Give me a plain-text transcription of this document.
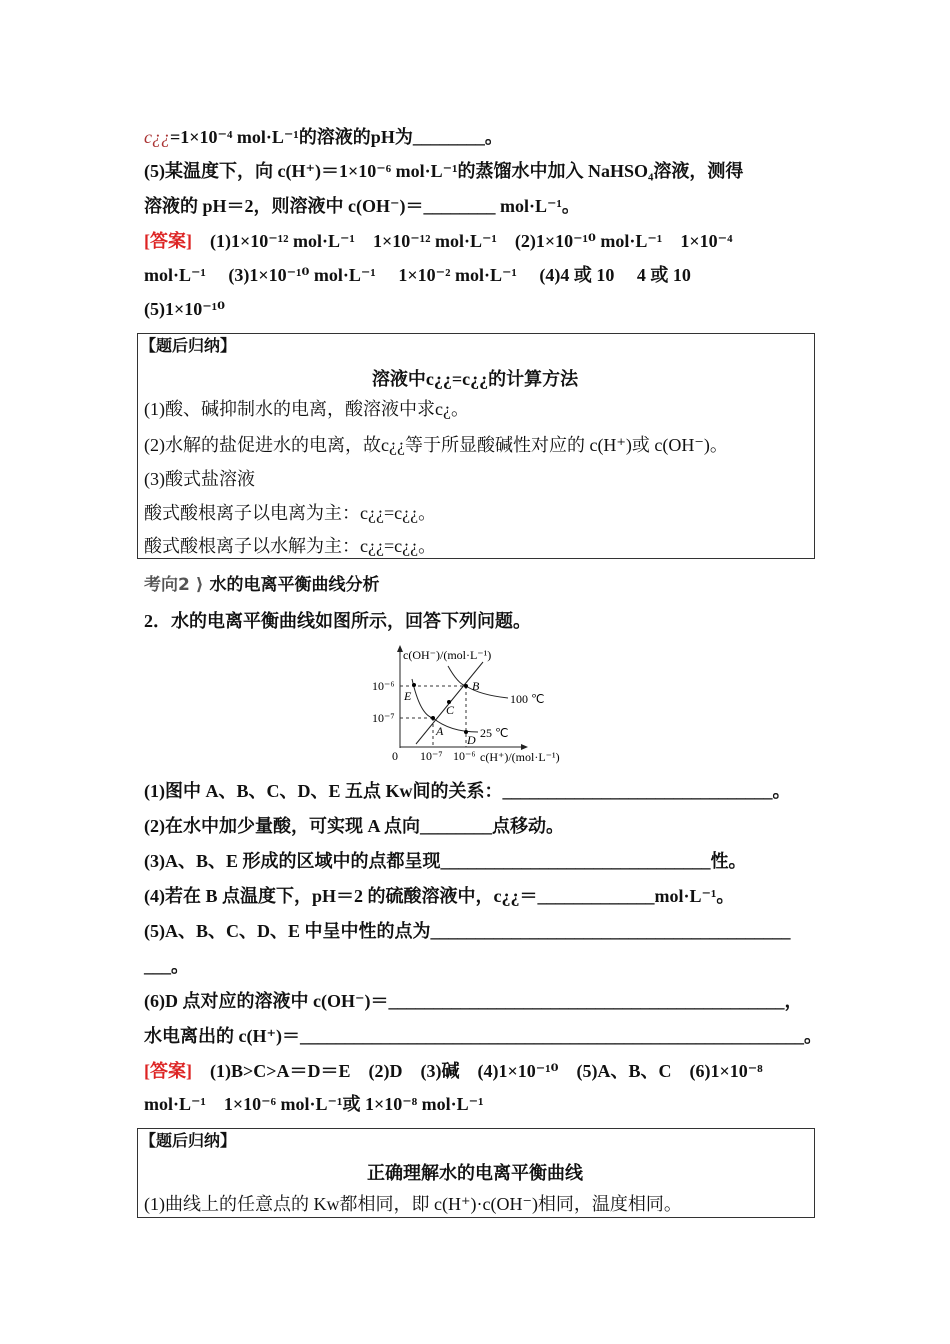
c¿¿=1×10⁻⁴ mol·L⁻¹的溶液的pH为________。
(5)某温度下，向 c(H⁺)＝1×10⁻⁶ mol·L⁻¹的蒸馏水中加入 NaHSO₄溶液，测得
溶液的 pH＝2，则溶液中 c(OH⁻)＝________ mol·L⁻¹。
[答案]　 (1)1×10⁻¹² mol·L⁻¹　1×10⁻¹² mol·L⁻¹　(2)1×10⁻¹⁰ mol·L⁻¹　1×10⁻⁴
mol·L⁻¹　 (3)1×10⁻¹⁰ mol·L⁻¹　 1×10⁻² mol·L⁻¹　 (4)4 或 10　 4 或 10
(5)1×10⁻¹⁰
【题后归纳】
溶液中c¿¿=c¿¿的计算方法
(1)酸、碱抑制水的电离，酸溶液中求c¿。
(2)水解的盐促进水的电离，故c¿¿等于所显酸碱性对应的 c(H⁺)或 c(OH⁻)。
(3)酸式盐溶液
酸式酸根离子以电离为主：c¿¿=c¿¿。
酸式酸根离子以水解为主：c¿¿=c¿¿。
考向2 ⟩ 水的电离平衡曲线分析
2．水的电离平衡曲线如图所示，回答下列问题。
c(OH⁻)/(mol·L⁻¹)
10⁻⁶
10⁻⁷
0 10⁻⁷ 10⁻⁶ c(H⁺)/(mol·L⁻¹)
100 ℃
25 ℃
E
A
B
C
D
(1)图中 A、B、C、D、E 五点 Kw间的关系：______________________________。
(2)在水中加少量酸，可实现 A 点向________点移动。
(3)A、B、E 形成的区域中的点都呈现______________________________性。
(4)若在 B 点温度下，pH＝2 的硫酸溶液中，c¿¿＝_____________mol·L⁻¹。
(5)A、B、C、D、E 中呈中性的点为________________________________________
___。
(6)D 点对应的溶液中 c(OH⁻)＝____________________________________________，
水电离出的 c(H⁺)＝________________________________________________________。
[答案]　 (1)B>C>A＝D＝E　(2)D　(3)碱　(4)1×10⁻¹⁰　(5)A、B、C　(6)1×10⁻⁸
mol·L⁻¹　1×10⁻⁶ mol·L⁻¹或 1×10⁻⁸ mol·L⁻¹
【题后归纳】
正确理解水的电离平衡曲线
(1)曲线上的任意点的 Kw都相同，即 c(H⁺)·c(OH⁻)相同，温度相同。
